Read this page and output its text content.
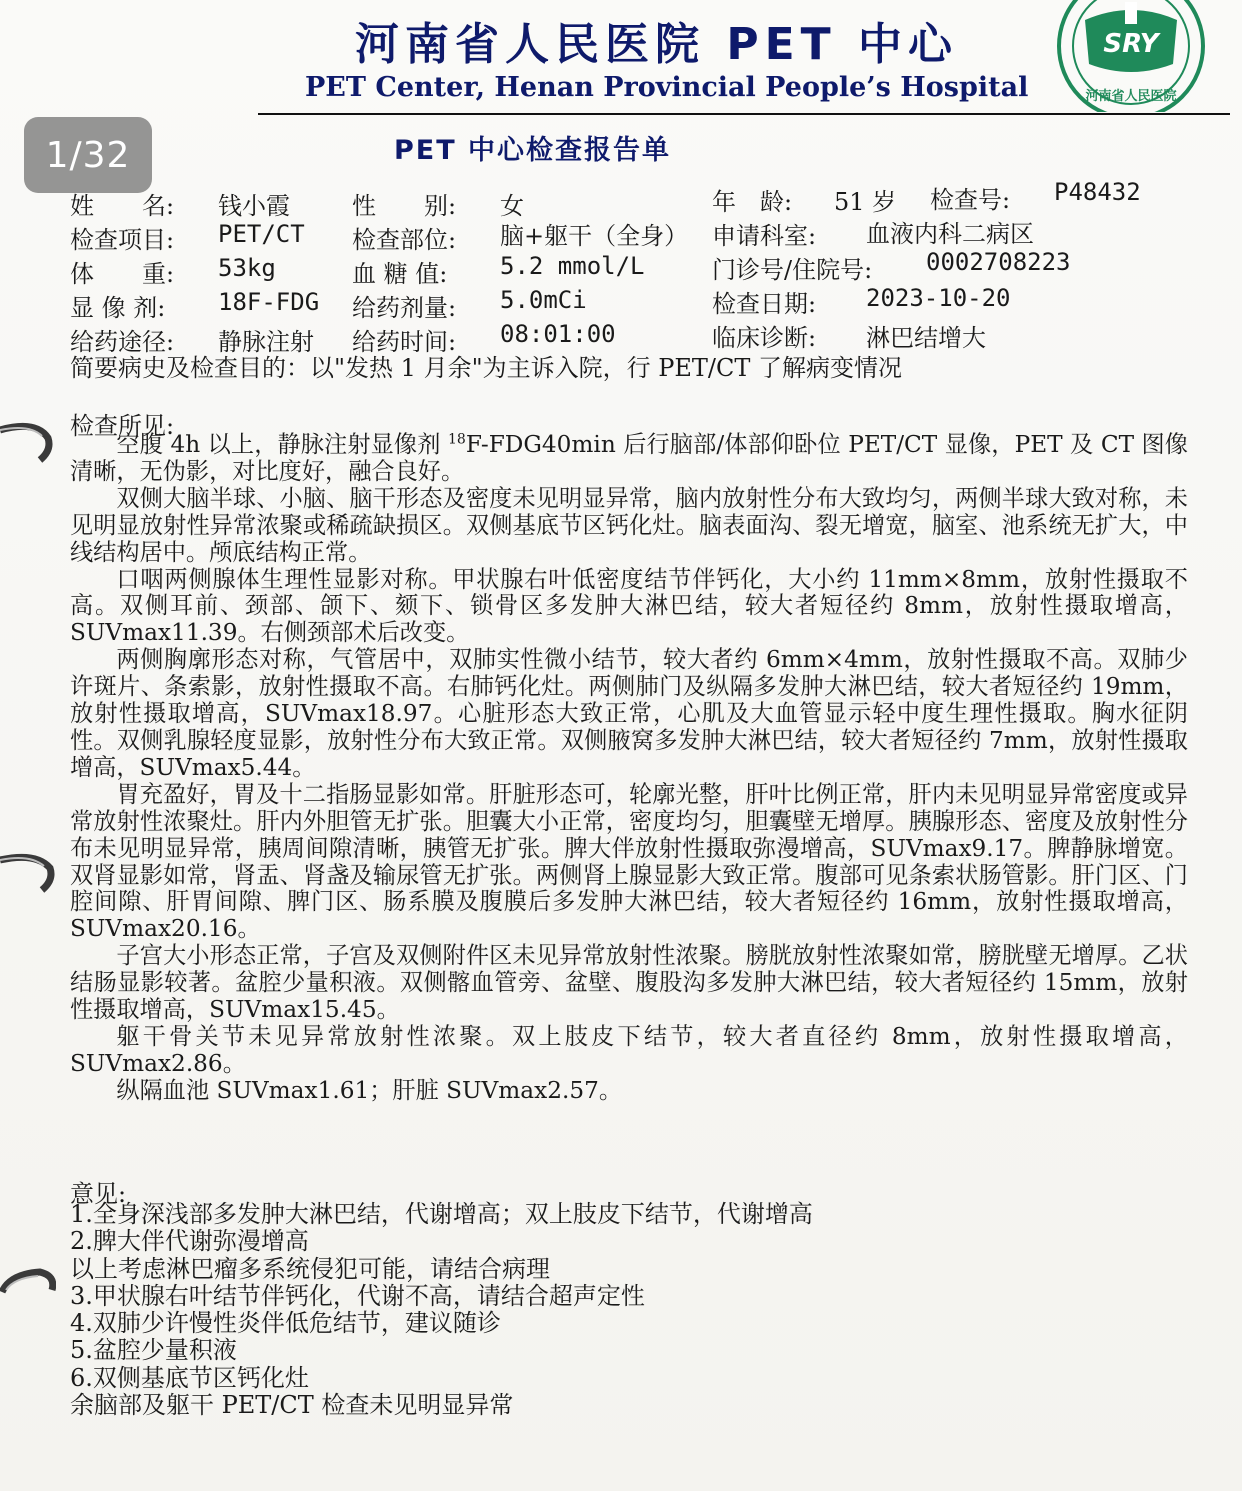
1/32
河南省人民医院 PET 中心
PET Center, Henan Provincial People’s Hospital
SRY
河南省人民医院
PET 中心检查报告单
姓　　名: 钱小霞	性　　别: 女	年　龄: 51 岁 检查号: P48432
检查项目: PET/CT 检查部位: 脑+躯干（全身） 申请科室: 血液内科二病区
体　　重: 53kg	血 糖 值: 5.2 mmol/L	门诊号/住院号: 0002708223
显 像 剂: 18F-FDG 给药剂量: 5.0mCi	检查日期: 2023-10-20
给药途径: 静脉注射 给药时间: 08:01:00	临床诊断: 淋巴结增大
简要病史及检查目的：以"发热 1 月余"为主诉入院，行 PET/CT 了解病变情况
检查所见:

空腹 4h 以上，静脉注射显像剂 $^{18}$F-FDG40min 后行脑部/体部仰卧位 PET/CT 显像，PET 及 CT 图像清晰，无伪影，对比度好，融合良好。

双侧大脑半球、小脑、脑干形态及密度未见明显异常，脑内放射性分布大致均匀，两侧半球大致对称，未见明显放射性异常浓聚或稀疏缺损区。双侧基底节区钙化灶。脑表面沟、裂无增宽，脑室、池系统无扩大，中线结构居中。颅底结构正常。

口咽两侧腺体生理性显影对称。甲状腺右叶低密度结节伴钙化，大小约 11mm×8mm，放射性摄取不高。双侧耳前、颈部、颌下、颏下、锁骨区多发肿大淋巴结，较大者短径约 8mm，放射性摄取增高，SUVmax11.39。右侧颈部术后改变。

两侧胸廓形态对称，气管居中，双肺实性微小结节，较大者约 6mm×4mm，放射性摄取不高。双肺少许斑片、条索影，放射性摄取不高。右肺钙化灶。两侧肺门及纵隔多发肿大淋巴结，较大者短径约 19mm，放射性摄取增高，SUVmax18.97。心脏形态大致正常，心肌及大血管显示轻中度生理性摄取。胸水征阴性。双侧乳腺轻度显影，放射性分布大致正常。双侧腋窝多发肿大淋巴结，较大者短径约 7mm，放射性摄取增高，SUVmax5.44。

胃充盈好，胃及十二指肠显影如常。肝脏形态可，轮廓光整，肝叶比例正常，肝内未见明显异常密度或异常放射性浓聚灶。肝内外胆管无扩张。胆囊大小正常，密度均匀，胆囊壁无增厚。胰腺形态、密度及放射性分布未见明显异常，胰周间隙清晰，胰管无扩张。脾大伴放射性摄取弥漫增高，SUVmax9.17。脾静脉增宽。双肾显影如常，肾盂、肾盏及输尿管无扩张。两侧肾上腺显影大致正常。腹部可见条索状肠管影。肝门区、门腔间隙、肝胃间隙、脾门区、肠系膜及腹膜后多发肿大淋巴结，较大者短径约 16mm，放射性摄取增高，SUVmax20.16。

子宫大小形态正常，子宫及双侧附件区未见异常放射性浓聚。膀胱放射性浓聚如常，膀胱壁无增厚。乙状结肠显影较著。盆腔少量积液。双侧髂血管旁、盆壁、腹股沟多发肿大淋巴结，较大者短径约 15mm，放射性摄取增高，SUVmax15.45。

躯干骨关节未见异常放射性浓聚。双上肢皮下结节，较大者直径约 8mm，放射性摄取增高，SUVmax2.86。

纵隔血池 SUVmax1.61；肝脏 SUVmax2.57。

意见:
1.全身深浅部多发肿大淋巴结，代谢增高；双上肢皮下结节，代谢增高
2.脾大伴代谢弥漫增高
以上考虑淋巴瘤多系统侵犯可能，请结合病理
3.甲状腺右叶结节伴钙化，代谢不高，请结合超声定性
4.双肺少许慢性炎伴低危结节，建议随诊
5.盆腔少量积液
6.双侧基底节区钙化灶
余脑部及躯干 PET/CT 检查未见明显异常
